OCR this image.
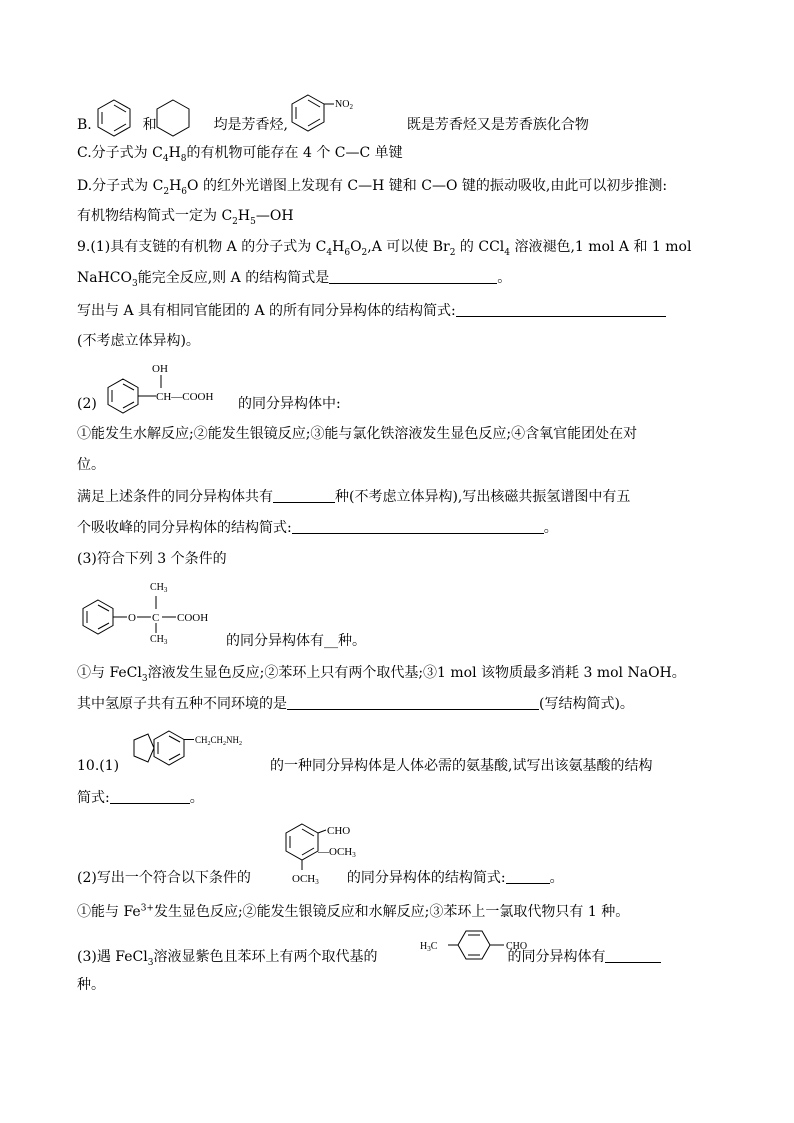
B.	和	均是芳香烃,	既是芳香烃又是芳香族化合物
$NO_2$
C.分子式为 $C_4H_8$的有机物可能存在 4 个 C—C 单键
D.分子式为 $C_2H_6O$ 的红外光谱图上发现有 C—H 键和 C—O 键的振动吸收,由此可以初步推测:
有机物结构简式一定为 $C_2H_5—OH$
9.(1)具有支链的有机物 A 的分子式为 $C_4H_6O_2,A$ 可以使 $Br_2$ 的 CCl$_4$ 溶液褪色,1 mol A 和 1 mol
NaHCO$_3$能完全反应,则 A 的结构简式是	。
写出与 A 具有相同官能团的 A 的所有同分异构体的结构简式:
(不考虑立体异构)。
(2)
OH
CH—COOH 的同分异构体中:
①能发生水解反应;②能发生银镜反应;③能与氯化铁溶液发生显色反应;④含氧官能团处在对
位。
满足上述条件的同分异构体共有	种(不考虑立体异构),写出核磁共振氢谱图中有五
个吸收峰的同分异构体的结构简式:	。
(3)符合下列 3 个条件的
O C
$CH_3$
$CH_3$
COOH
的同分异构体有__种。
①与 FeCl$_3$溶液发生显色反应;②苯环上只有两个取代基;③1 mol 该物质最多消耗 3 mol NaOH。
其中氢原子共有五种不同环境的是	(写结构简式)。
10.(1)
$CH_2CH_2NH_2$
的一种同分异构体是人体必需的氨基酸,试写出该氨基酸的结构
简式:	。
CHO
—OCH3
OCH3
(2)写出一个符合以下条件的	的同分异构体的结构简式:	。
①能与 $Fe^{3+}$发生显色反应;②能发生银镜反应和水解反应;③苯环上一氯取代物只有 1 种。
(3)遇 FeCl$_3$溶液显紫色且苯环上有两个取代基的	的同分异构体有
$H_3C$	CHO
种。
